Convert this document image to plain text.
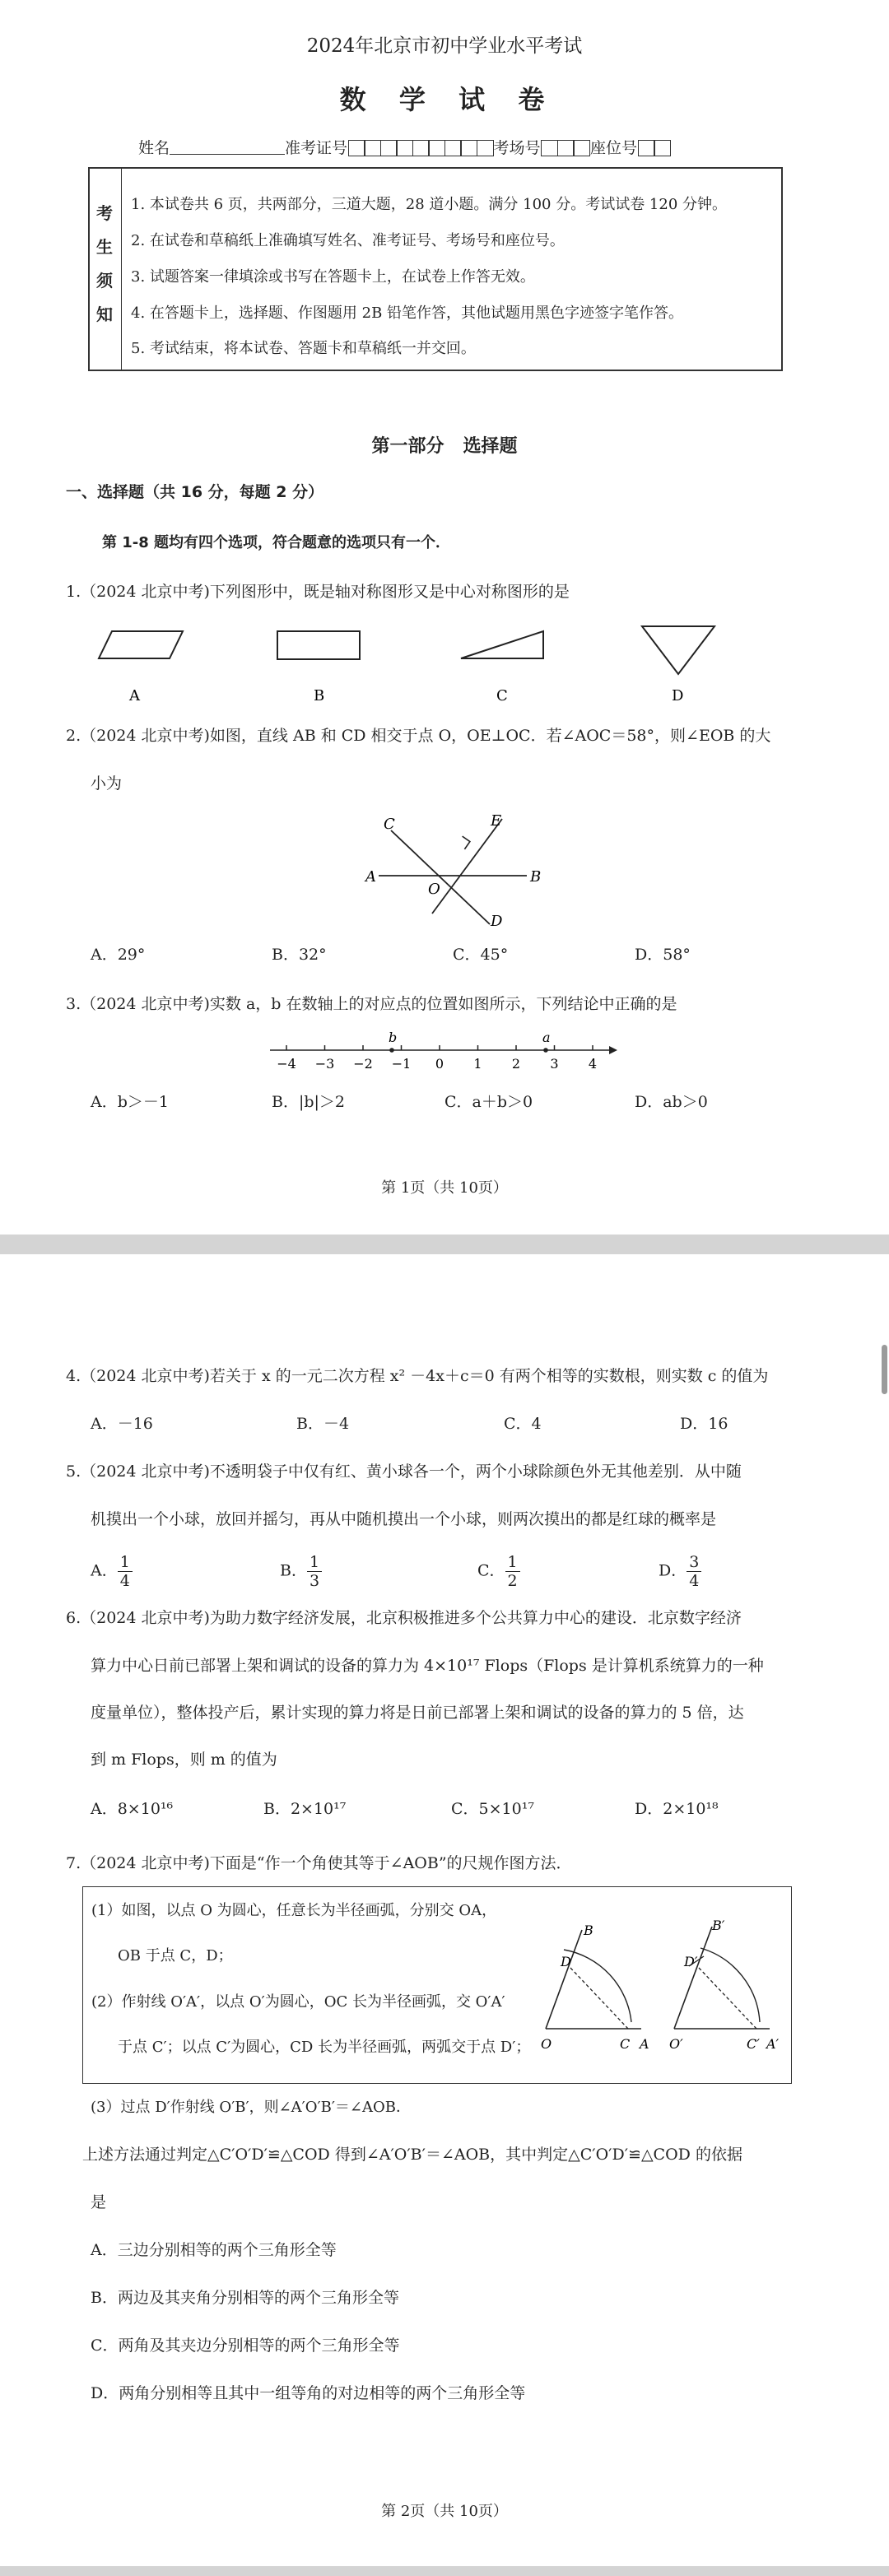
2024年北京市初中学业水平考试
数  学  试  卷
姓名	准考证号	考场号	座位号
考
生
须
知
1. 本试卷共 6 页，共两部分，三道大题，28 道小题。满分 100 分。考试试卷 120 分钟。
2. 在试卷和草稿纸上准确填写姓名、准考证号、考场号和座位号。
3. 试题答案一律填涂或书写在答题卡上，在试卷上作答无效。
4. 在答题卡上，选择题、作图题用 2B 铅笔作答，其他试题用黑色字迹签字笔作答。
5. 考试结束，将本试卷、答题卡和草稿纸一并交回。
第一部分   选择题
一、选择题（共 16 分，每题 2 分）
第 1-8 题均有四个选项，符合题意的选项只有一个．
1.（2024 北京中考)下列图形中，既是轴对称图形又是中心对称图形的是
A	B	C	D
2.（2024 北京中考)如图，直线 AB 和 CD 相交于点 O，OE⊥OC．若∠AOC＝58°，则∠EOB 的大
小为
A	B
C
D
E
O
A．29°	B．32°	C．45°	D．58°
3.（2024 北京中考)实数 a，b 在数轴上的对应点的位置如图所示，下列结论中正确的是
−4 −3 −2 −1 0 1 2 3 4
b	a
A．b＞－1	B．|b|＞2	C．a＋b＞0	D．ab＞0
第 1页（共 10页）
4.（2024 北京中考)若关于 x 的一元二次方程 x² －4x＋c＝0 有两个相等的实数根，则实数 c 的值为
A．－16	B．－4	C．4	D．16
5.（2024 北京中考)不透明袋子中仅有红、黄小球各一个，两个小球除颜色外无其他差别．从中随
机摸出一个小球，放回并摇匀，再从中随机摸出一个小球，则两次摸出的都是红球的概率是
A． $\frac{1}{4}$	B． $\frac{1}{3}$	C． $\frac{1}{2}$	D． $\frac{3}{4}$
6.（2024 北京中考)为助力数字经济发展，北京积极推进多个公共算力中心的建设．北京数字经济
算力中心日前已部署上架和调试的设备的算力为 4×10¹⁷ Flops（Flops 是计算机系统算力的一种
度量单位），整体投产后，累计实现的算力将是日前已部署上架和调试的设备的算力的 5 倍，达
到 m Flops，则 m 的值为
A．8×10¹⁶	B．2×10¹⁷	C．5×10¹⁷	D．2×10¹⁸
7.（2024 北京中考)下面是“作一个角使其等于∠AOB”的尺规作图方法．
(1）如图，以点 O 为圆心，任意长为半径画弧，分别交 OA，
OB 于点 C，D；
(2）作射线 O′A′，以点 O′为圆心，OC 长为半径画弧，交 O′A′
于点 C′；以点 C′为圆心，CD 长为半径画弧，两弧交于点 D′； O	C A
D
B
O′	C′ A′
D′
B′
(3）过点 D′作射线 O′B′，则∠A′O′B′＝∠AOB．
上述方法通过判定△C′O′D′≌△COD 得到∠A′O′B′＝∠AOB，其中判定△C′O′D′≌△COD 的依据
是
A．三边分别相等的两个三角形全等
B．两边及其夹角分别相等的两个三角形全等
C．两角及其夹边分别相等的两个三角形全等
D．两角分别相等且其中一组等角的对边相等的两个三角形全等
第 2页（共 10页）
